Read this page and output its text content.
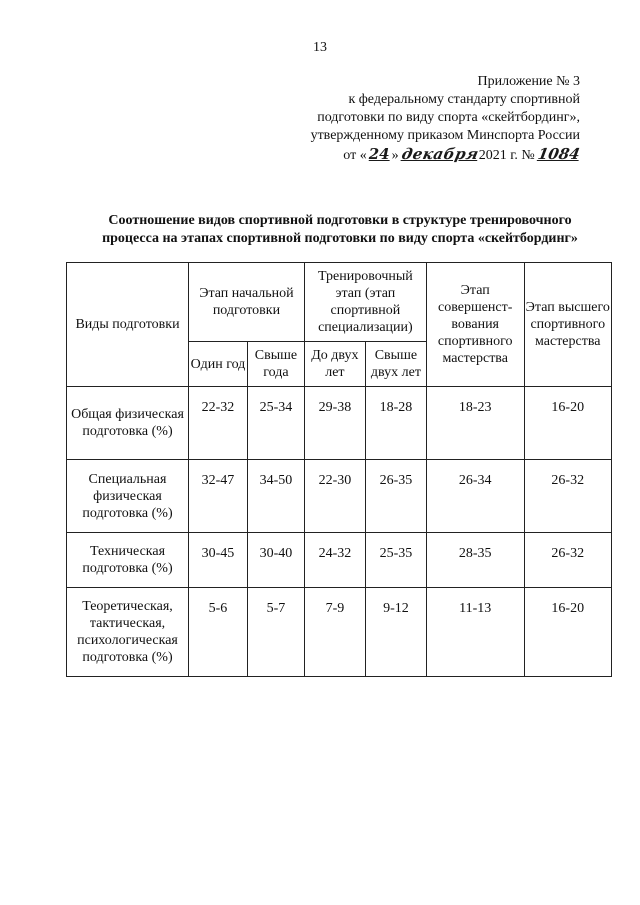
13
Приложение № 3
к федеральному стандарту спортивной
подготовки по виду спорта «скейтбординг»,
утвержденному приказом Минспорта России
от « 24 » декабря2021 г. № 1084
Соотношение видов спортивной подготовки в структуре тренировочного
процесса на этапах спортивной подготовки по виду спорта «скейтбординг»
Виды подготовки	Этап начальной подготовки		Тренировочный этап (этап спортивной специализации)		Этап совершенст-вования спортивного мастерства	Этап высшего спортивного мастерства
	Один год	Свыше года	До двух лет	Свыше двух лет		
Общая физическая подготовка (%)	22-32	25-34	29-38	18-28	18-23	16-20
Специальная физическая подготовка (%)	32-47	34-50	22-30	26-35	26-34	26-32
Техническая подготовка (%)	30-45	30-40	24-32	25-35	28-35	26-32
Теоретическая, тактическая, психологическая подготовка (%)	5-6	5-7	7-9	9-12	11-13	16-20
